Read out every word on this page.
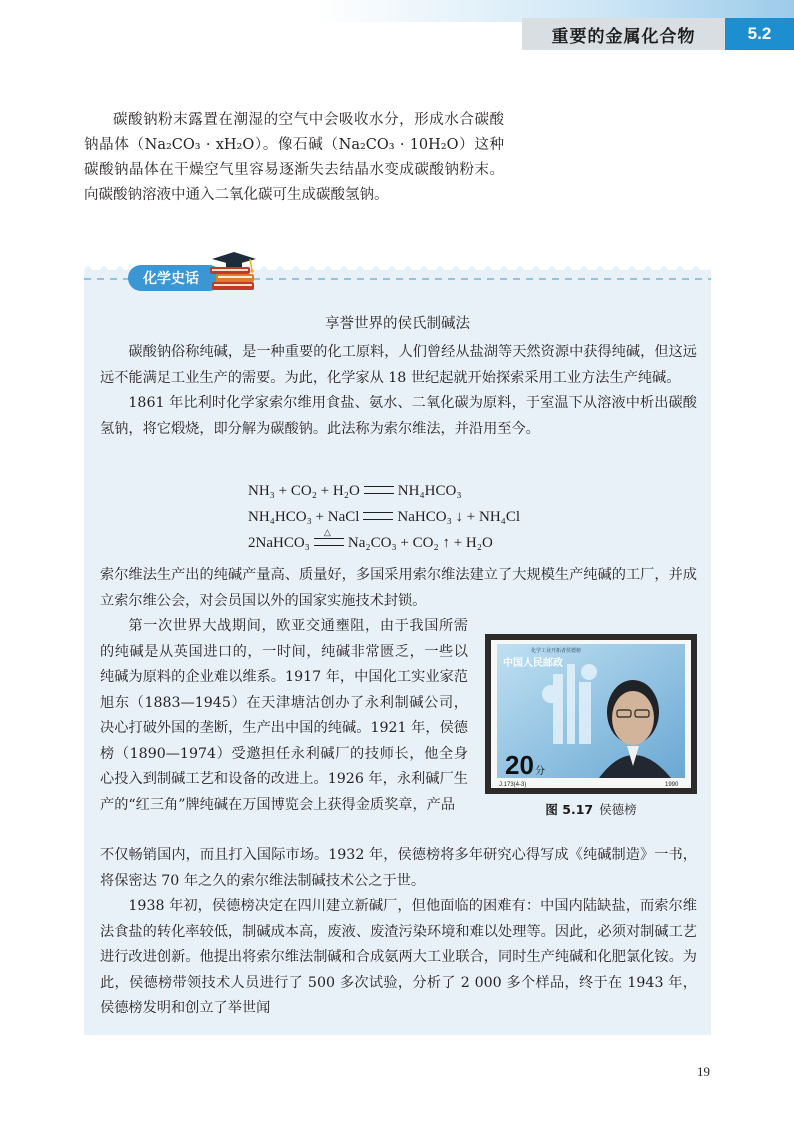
重要的金属化合物	5.2

碳酸钠粉末露置在潮湿的空气中会吸收水分，形成水合碳酸钠晶体（Na₂CO₃ · xH₂O）。像石碱（Na₂CO₃ · 10H₂O）这种碳酸钠晶体在干燥空气里容易逐渐失去结晶水变成碳酸钠粉末。向碳酸钠溶液中通入二氧化碳可生成碳酸氢钠。

化学史话
享誉世界的侯氏制碱法

碳酸钠俗称纯碱，是一种重要的化工原料，人们曾经从盐湖等天然资源中获得纯碱，但这远远不能满足工业生产的需要。为此，化学家从 18 世纪起就开始探索采用工业方法生产纯碱。

1861 年比利时化学家索尔维用食盐、氨水、二氧化碳为原料，于室温下从溶液中析出碳酸氢钠，将它煅烧，即分解为碳酸钠。此法称为索尔维法，并沿用至今。

NH₃ + CO₂ + H₂O	NH₄HCO₃
NH₄HCO₃ + NaCl	NaHCO₃ ↓ + NH₄Cl
2NaHCO₃
△
Na₂CO₃ + CO₂ ↑ + H₂O

索尔维法生产出的纯碱产量高、质量好，多国采用索尔维法建立了大规模生产纯碱的工厂，并成立索尔维公会，对会员国以外的国家实施技术封锁。

第一次世界大战期间，欧亚交通壅阻，由于我国所需的纯碱是从英国进口的，一时间，纯碱非常匮乏，一些以纯碱为原料的企业难以维系。1917 年，中国化工实业家范旭东（1883—1945）在天津塘沽创办了永利制碱公司，决心打破外国的垄断，生产出中国的纯碱。1921 年，侯德榜（1890—1974）受邀担任永利碱厂的技师长，他全身心投入到制碱工艺和设备的改进上。1926 年，永利碱厂生产的“红三角”牌纯碱在万国博览会上获得金质奖章，产品

不仅畅销国内，而且打入国际市场。1932 年，侯德榜将多年研究心得写成《纯碱制造》一书，将保密达 70 年之久的索尔维法制碱技术公之于世。

1938 年初，侯德榜决定在四川建立新碱厂，但他面临的困难有：中国内陆缺盐，而索尔维法食盐的转化率较低，制碱成本高，废液、废渣污染环境和难以处理等。因此，必须对制碱工艺进行改进创新。他提出将索尔维法制碱和合成氨两大工业联合，同时生产纯碱和化肥氯化铵。为此，侯德榜带领技术人员进行了 500 多次试验，分析了 2 000 多个样品，终于在 1943 年，侯德榜发明和创立了举世闻

中国人民邮政
20 分
J.173(4-3)	1990
化学工业开拓者侯德榜
图 5.17 侯德榜
19
